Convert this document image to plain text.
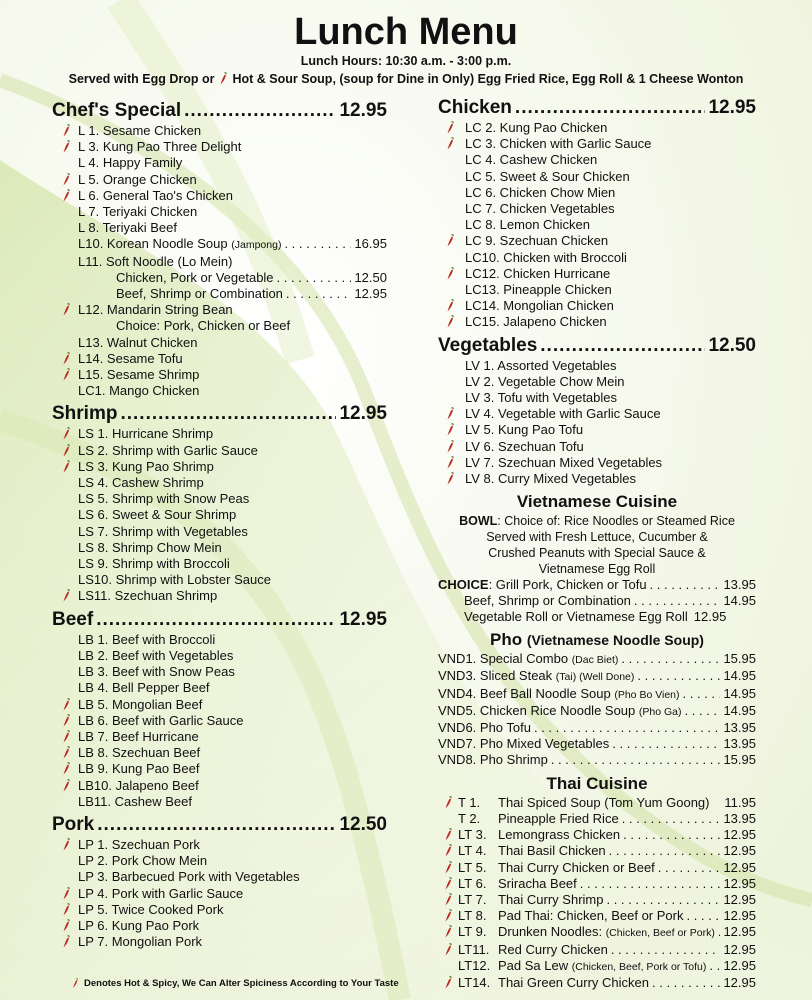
Lunch Menu
Lunch Hours: 10:30 a.m. - 3:00 p.m.
Served with Egg Drop or Hot & Sour Soup, (soup for Dine in Only) Egg Fried Rice, Egg Roll & 1 Cheese Wonton
Chef's Special .....	12.95
L 1. Sesame Chicken
L 3. Kung Pao Three Delight
L 4. Happy Family
L 5. Orange Chicken
L 6. General Tao's Chicken
L 7. Teriyaki Chicken
L 8. Teriyaki Beef
L10. Korean Noodle Soup (Jampong) . . .	16.95
L11. Soft Noodle (Lo Mein)
Chicken, Pork or Vegetable . . .	12.50
Beef, Shrimp or Combination . . .	12.95
L12. Mandarin String Bean
Choice: Pork, Chicken or Beef
L13. Walnut Chicken
L14. Sesame Tofu
L15. Sesame Shrimp
LC1. Mango Chicken
Shrimp .....	12.95
LS 1. Hurricane Shrimp
LS 2. Shrimp with Garlic Sauce
LS 3. Kung Pao Shrimp
LS 4. Cashew Shrimp
LS 5. Shrimp with Snow Peas
LS 6. Sweet & Sour Shrimp
LS 7. Shrimp with Vegetables
LS 8. Shrimp Chow Mein
LS 9. Shrimp with Broccoli
LS10. Shrimp with Lobster Sauce
LS11. Szechuan Shrimp
Beef .....	12.95
LB 1. Beef with Broccoli
LB 2. Beef with Vegetables
LB 3. Beef with Snow Peas
LB 4. Bell Pepper Beef
LB 5. Mongolian Beef
LB 6. Beef with Garlic Sauce
LB 7. Beef Hurricane
LB 8. Szechuan Beef
LB 9. Kung Pao Beef
LB10. Jalapeno Beef
LB11. Cashew Beef
Pork .....	12.50
LP 1. Szechuan Pork
LP 2. Pork Chow Mein
LP 3. Barbecued Pork with Vegetables
LP 4. Pork with Garlic Sauce
LP 5. Twice Cooked Pork
LP 6. Kung Pao Pork
LP 7. Mongolian Pork
Chicken .....	12.95
LC 2. Kung Pao Chicken
LC 3. Chicken with Garlic Sauce
LC 4. Cashew Chicken
LC 5. Sweet & Sour Chicken
LC 6. Chicken Chow Mien
LC 7. Chicken Vegetables
LC 8. Lemon Chicken
LC 9. Szechuan Chicken
LC10. Chicken with Broccoli
LC12. Chicken Hurricane
LC13. Pineapple Chicken
LC14. Mongolian Chicken
LC15. Jalapeno Chicken
Vegetables .....	12.50
LV 1. Assorted Vegetables
LV 2. Vegetable Chow Mein
LV 3. Tofu with Vegetables
LV 4. Vegetable with Garlic Sauce
LV 5. Kung Pao Tofu
LV 6. Szechuan Tofu
LV 7. Szechuan Mixed Vegetables
LV 8. Curry Mixed Vegetables
Vietnamese Cuisine
BOWL: Choice of: Rice Noodles or Steamed Rice
Served with Fresh Lettuce, Cucumber &
Crushed Peanuts with Special Sauce &
Vietnamese Egg Roll
CHOICE: Grill Pork, Chicken or Tofu . . .	13.95
Beef, Shrimp or Combination . . .	14.95
Vegetable Roll or Vietnamese Egg Roll 12.95
Pho (Vietnamese Noodle Soup)
VND1. Special Combo (Dac Biet) . . .	15.95
VND3. Sliced Steak (Tai) (Well Done) . . .	14.95
VND4. Beef Ball Noodle Soup (Pho Bo Vien) . . .	14.95
VND5. Chicken Rice Noodle Soup (Pho Ga) . . .	14.95
VND6. Pho Tofu . . .	13.95
VND7. Pho Mixed Vegetables . . .	13.95
VND8. Pho Shrimp . . .	15.95
Thai Cuisine
T 1. Thai Spiced Soup (Tom Yum Goong) 11.95
T 2. Pineapple Fried Rice . . .	13.95
LT 3. Lemongrass Chicken . . .	12.95
LT 4. Thai Basil Chicken . . .	12.95
LT 5. Thai Curry Chicken or Beef . . .	12.95
LT 6. Sriracha Beef . . .	12.95
LT 7. Thai Curry Shrimp . . .	12.95
LT 8. Pad Thai: Chicken, Beef or Pork . . .	12.95
LT 9. Drunken Noodles: (Chicken, Beef or Pork) . . . 12.95
LT11. Red Curry Chicken . . .	12.95
LT12. Pad Sa Lew (Chicken, Beef, Pork or Tofu) . . . 12.95
LT14. Thai Green Curry Chicken . . .	12.95
Denotes Hot & Spicy, We Can Alter Spiciness According to Your Taste
